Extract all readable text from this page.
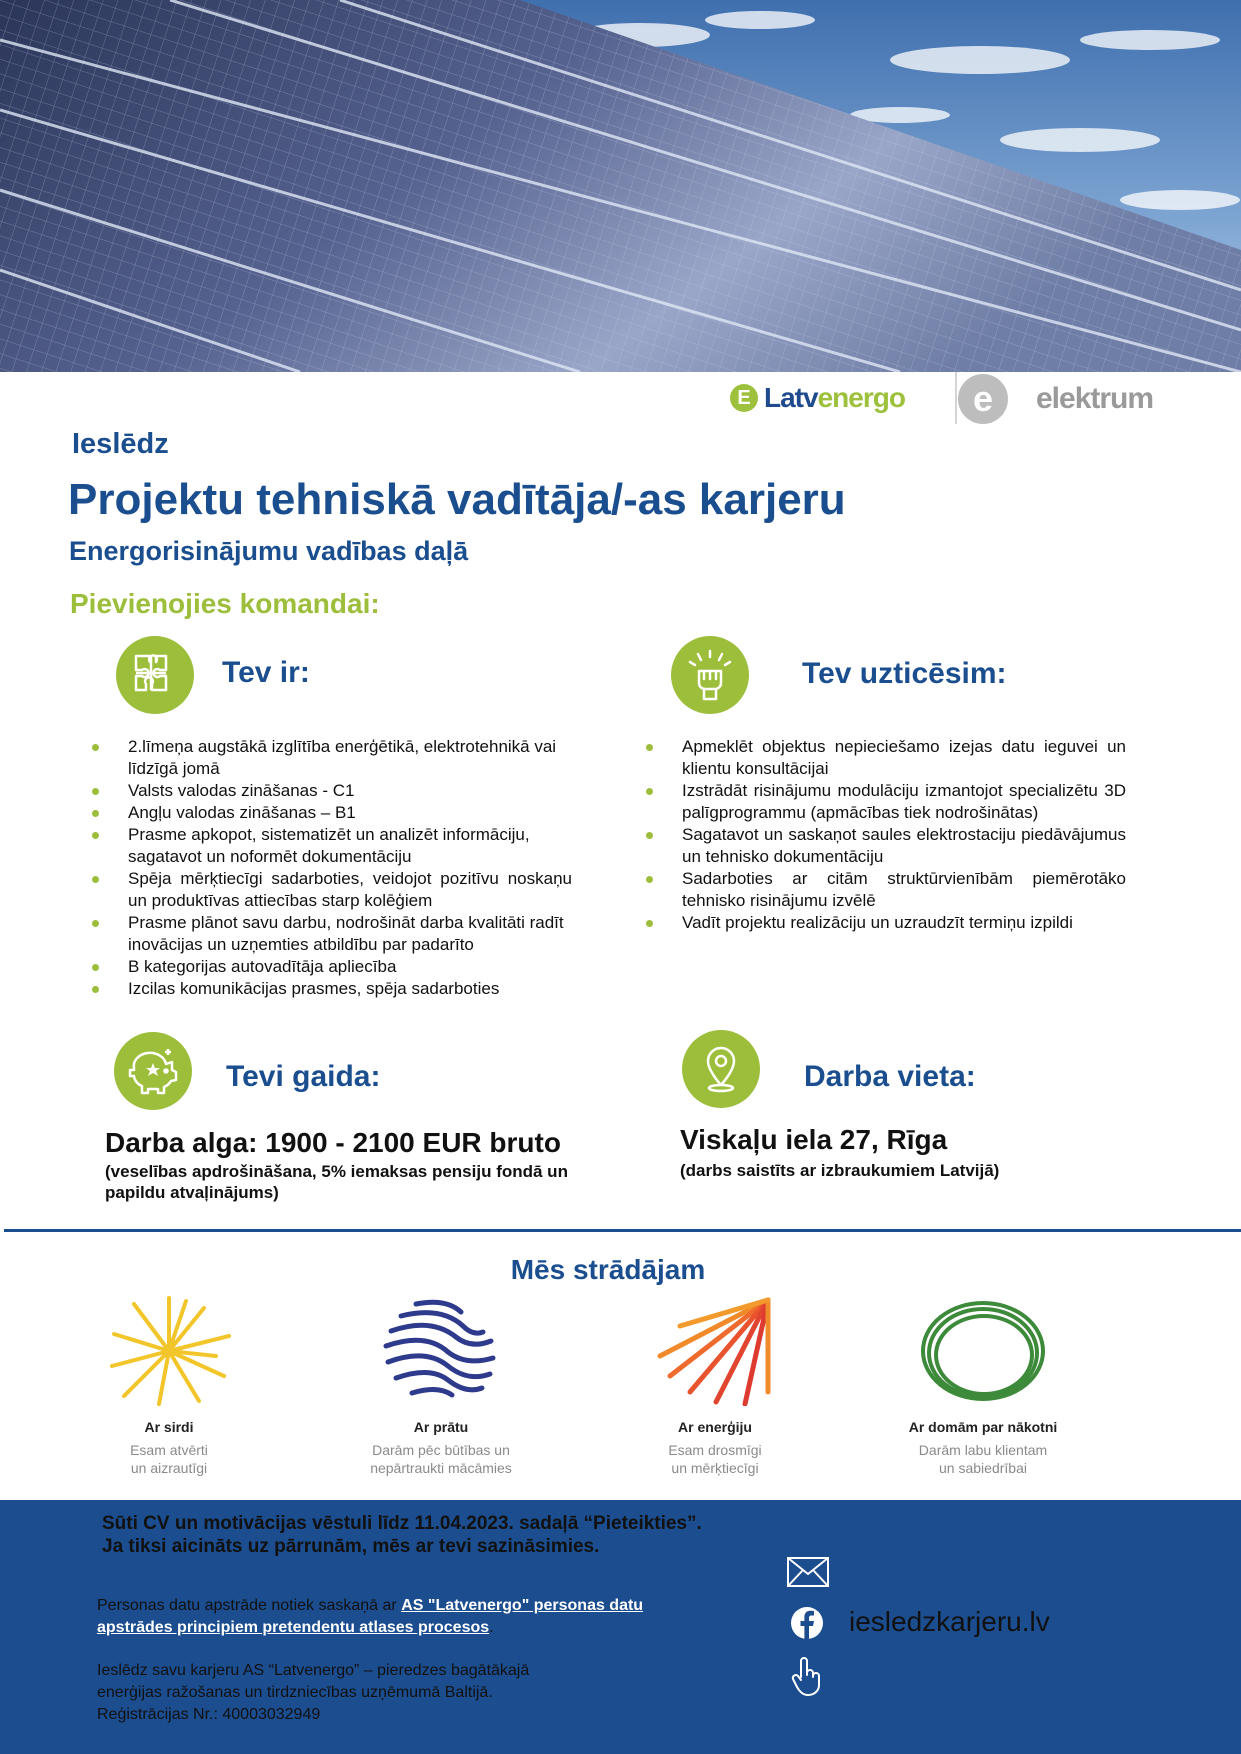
E Latvenergo	e	elektrum
Ieslēdz
Projektu tehniskā vadītāja/-as karjeru
Energorisinājumu vadības daļā
Pievienojies komandai:
Tev ir:
2.līmeņa augstākā izglītība enerģētikā, elektrotehnikā vai līdzīgā jomā
Valsts valodas zināšanas - C1
Angļu valodas zināšanas – B1
Prasme apkopot, sistematizēt un analizēt informāciju, sagatavot un noformēt dokumentāciju
Spēja mērķtiecīgi sadarboties, veidojot pozitīvu noskaņu un produktīvas attiecības starp kolēģiem
Prasme plānot savu darbu, nodrošināt darba kvalitāti radīt inovācijas un uzņemties atbildību par padarīto
B kategorijas autovadītāja apliecība
Izcilas komunikācijas prasmes, spēja sadarboties
Tev uzticēsim:
Apmeklēt objektus nepieciešamo izejas datu ieguvei un klientu konsultācijai
Izstrādāt risinājumu modulāciju izmantojot specializētu 3D palīgprogrammu (apmācības tiek nodrošinātas)
Sagatavot un saskaņot saules elektrostaciju piedāvājumus un tehnisko dokumentāciju
Sadarboties ar citām struktūrvienībām piemērotāko tehnisko risinājumu izvēlē
Vadīt projektu realizāciju un uzraudzīt termiņu izpildi
Tevi gaida:
Darba alga: 1900 - 2100 EUR bruto
(veselības apdrošināšana, 5% iemaksas pensiju fondā un papildu atvaļinājums)
Darba vieta:
Viskaļu iela 27, Rīga
(darbs saistīts ar izbraukumiem Latvijā)
Mēs strādājam
Ar sirdi
Esam atvērti
un aizrautīgi
Ar prātu
Darām pēc būtības un
nepārtraukti mācāmies
Ar enerģiju
Esam drosmīgi
un mērķtiecīgi
Ar domām par nākotni
Darām labu klientam
un sabiedrībai
Sūti CV un motivācijas vēstuli līdz 11.04.2023. sadaļā “Pieteikties”.
Ja tiksi aicināts uz pārrunām, mēs ar tevi sazināsimies.
Personas datu apstrāde notiek saskaņā ar AS "Latvenergo" personas datu apstrādes principiem pretendentu atlases procesos.
Ieslēdz savu karjeru AS “Latvenergo” – pieredzes bagātākajā
enerģijas ražošanas un tirdzniecības uzņēmumā Baltijā.
Reģistrācijas Nr.: 40003032949
iesledzkarjeru.lv
